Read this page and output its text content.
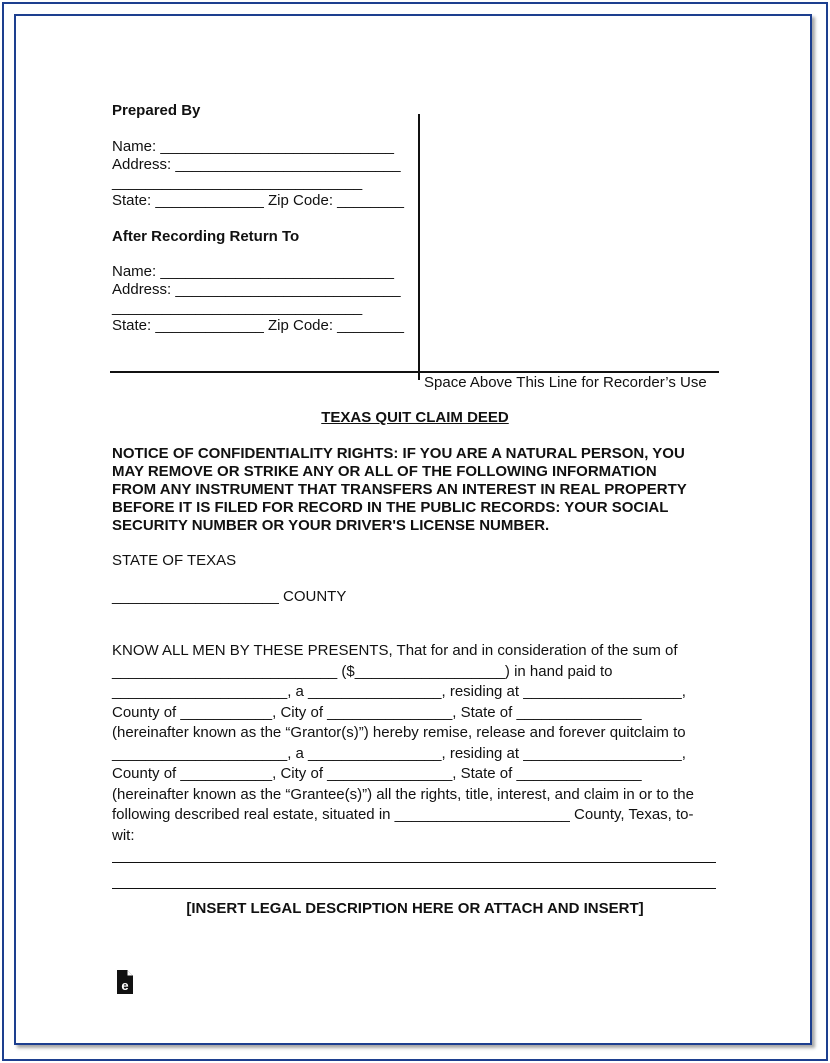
Prepared By
Name: ____________________________
Address: ___________________________
______________________________
State: _____________ Zip Code: ________
After Recording Return To
Name: ____________________________
Address: ___________________________
______________________________
State: _____________ Zip Code: ________
Space Above This Line for Recorder’s Use
TEXAS QUIT CLAIM DEED
NOTICE OF CONFIDENTIALITY RIGHTS: IF YOU ARE A NATURAL PERSON, YOU
MAY REMOVE OR STRIKE ANY OR ALL OF THE FOLLOWING INFORMATION
FROM ANY INSTRUMENT THAT TRANSFERS AN INTEREST IN REAL PROPERTY
BEFORE IT IS FILED FOR RECORD IN THE PUBLIC RECORDS: YOUR SOCIAL
SECURITY NUMBER OR YOUR DRIVER'S LICENSE NUMBER.
STATE OF TEXAS
____________________ COUNTY
KNOW ALL MEN BY THESE PRESENTS, That for and in consideration of the sum of
___________________________ ($__________________) in hand paid to
_____________________, a ________________, residing at ___________________,
County of ___________, City of _______________, State of _______________
(hereinafter known as the “Grantor(s)”) hereby remise, release and forever quitclaim to
_____________________, a ________________, residing at ___________________,
County of ___________, City of _______________, State of _______________
(hereinafter known as the “Grantee(s)”) all the rights, title, interest, and claim in or to the
following described real estate, situated in _____________________ County, Texas, to-
wit:
[INSERT LEGAL DESCRIPTION HERE OR ATTACH AND INSERT]
e
